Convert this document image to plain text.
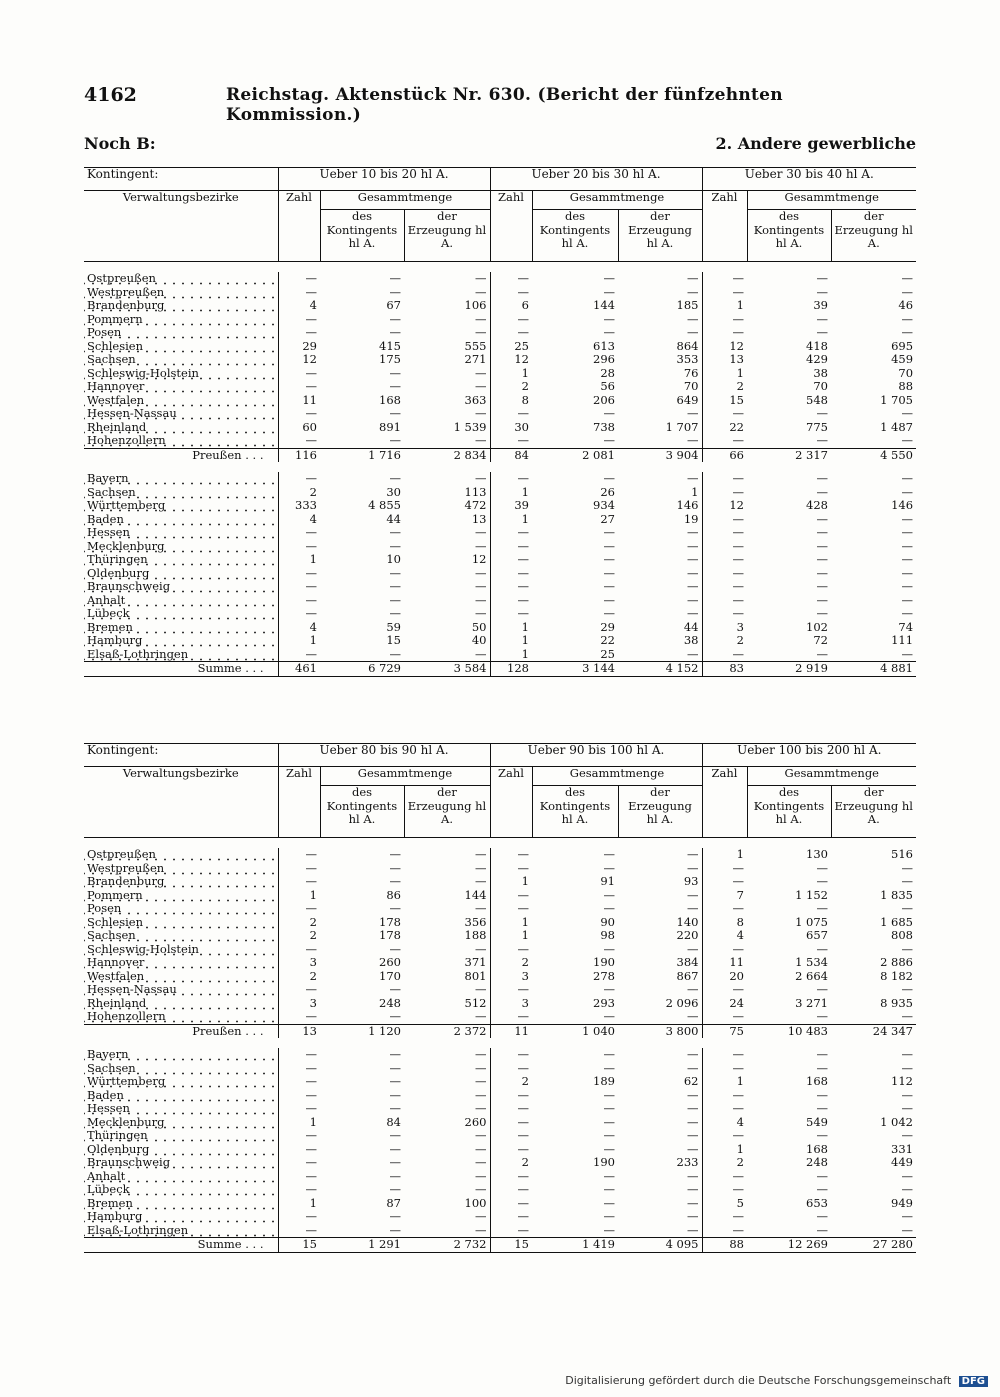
4162	Reichstag. Aktenstück Nr. 630. (Bericht der fünfzehnten Kommission.)
Noch B:	2. Andere gewerbliche
Kontingent:	Ueber 10 bis 20 hl A.			Ueber 20 bis 30 hl A.			Ueber 30 bis 40 hl A.		
Verwaltungsbezirke	Zahl	Gesammtmenge		Zahl	Gesammtmenge		Zahl	Gesammtmenge	
		des Kontingents hl A.	der Erzeugung hl A.		des Kontingents hl A.	der Erzeugung hl A.		des Kontingents hl A.	der Erzeugung hl A.

Ostpreußen	—	—	—	—	—	—	—	—	—
Westpreußen	—	—	—	—	—	—	—	—	—
Brandenburg	4	67	106	6	144	185	1	39	46
Pommern	—	—	—	—	—	—	—	—	—
Posen	—	—	—	—	—	—	—	—	—
Schlesien	29	415	555	25	613	864	12	418	695
Sachsen	12	175	271	12	296	353	13	429	459
Schleswig-Holstein	—	—	—	1	28	76	1	38	70
Hannover	—	—	—	2	56	70	2	70	88
Westfalen	11	168	363	8	206	649	15	548	1 705
Hessen-Nassau	—	—	—	—	—	—	—	—	—
Rheinland	60	891	1 539	30	738	1 707	22	775	1 487
Hohenzollern	—	—	—	—	—	—	—	—	—
Preußen . . .	116	1 716	2 834	84	2 081	3 904	66	2 317	4 550

Bayern	—	—	—	—	—	—	—	—	—
Sachsen	2	30	113	1	26	1	—	—	—
Württemberg	333	4 855	472	39	934	146	12	428	146
Baden	4	44	13	1	27	19	—	—	—
Hessen	—	—	—	—	—	—	—	—	—
Mecklenburg	—	—	—	—	—	—	—	—	—
Thüringen	1	10	12	—	—	—	—	—	—
Oldenburg	—	—	—	—	—	—	—	—	—
Braunschweig	—	—	—	—	—	—	—	—	—
Anhalt	—	—	—	—	—	—	—	—	—
Lübeck	—	—	—	—	—	—	—	—	—
Bremen	4	59	50	1	29	44	3	102	74
Hamburg	1	15	40	1	22	38	2	72	111
Elsaß-Lothringen	—	—	—	1	25	—	—	—	—
Summe . . .	461	6 729	3 584	128	3 144	4 152	83	2 919	4 881

Kontingent:	Ueber 80 bis 90 hl A.			Ueber 90 bis 100 hl A.			Ueber 100 bis 200 hl A.		
Verwaltungsbezirke	Zahl	Gesammtmenge		Zahl	Gesammtmenge		Zahl	Gesammtmenge	
		des Kontingents hl A.	der Erzeugung hl A.		des Kontingents hl A.	der Erzeugung hl A.		des Kontingents hl A.	der Erzeugung hl A.

Ostpreußen	—	—	—	—	—	—	1	130	516
Westpreußen	—	—	—	—	—	—	—	—	—
Brandenburg	—	—	—	1	91	93	—	—	—
Pommern	1	86	144	—	—	—	7	1 152	1 835
Posen	—	—	—	—	—	—	—	—	—
Schlesien	2	178	356	1	90	140	8	1 075	1 685
Sachsen	2	178	188	1	98	220	4	657	808
Schleswig-Holstein	—	—	—	—	—	—	—	—	—
Hannover	3	260	371	2	190	384	11	1 534	2 886
Westfalen	2	170	801	3	278	867	20	2 664	8 182
Hessen-Nassau	—	—	—	—	—	—	—	—	—
Rheinland	3	248	512	3	293	2 096	24	3 271	8 935
Hohenzollern	—	—	—	—	—	—	—	—	—
Preußen . . .	13	1 120	2 372	11	1 040	3 800	75	10 483	24 347

Bayern	—	—	—	—	—	—	—	—	—
Sachsen	—	—	—	—	—	—	—	—	—
Württemberg	—	—	—	2	189	62	1	168	112
Baden	—	—	—	—	—	—	—	—	—
Hessen	—	—	—	—	—	—	—	—	—
Mecklenburg	1	84	260	—	—	—	4	549	1 042
Thüringen	—	—	—	—	—	—	—	—	—
Oldenburg	—	—	—	—	—	—	1	168	331
Braunschweig	—	—	—	2	190	233	2	248	449
Anhalt	—	—	—	—	—	—	—	—	—
Lübeck	—	—	—	—	—	—	—	—	—
Bremen	1	87	100	—	—	—	5	653	949
Hamburg	—	—	—	—	—	—	—	—	—
Elsaß-Lothringen	—	—	—	—	—	—	—	—	—
Summe . . .	15	1 291	2 732	15	1 419	4 095	88	12 269	27 280

Digitalisierung gefördert durch die Deutsche Forschungsgemeinschaft DFG
